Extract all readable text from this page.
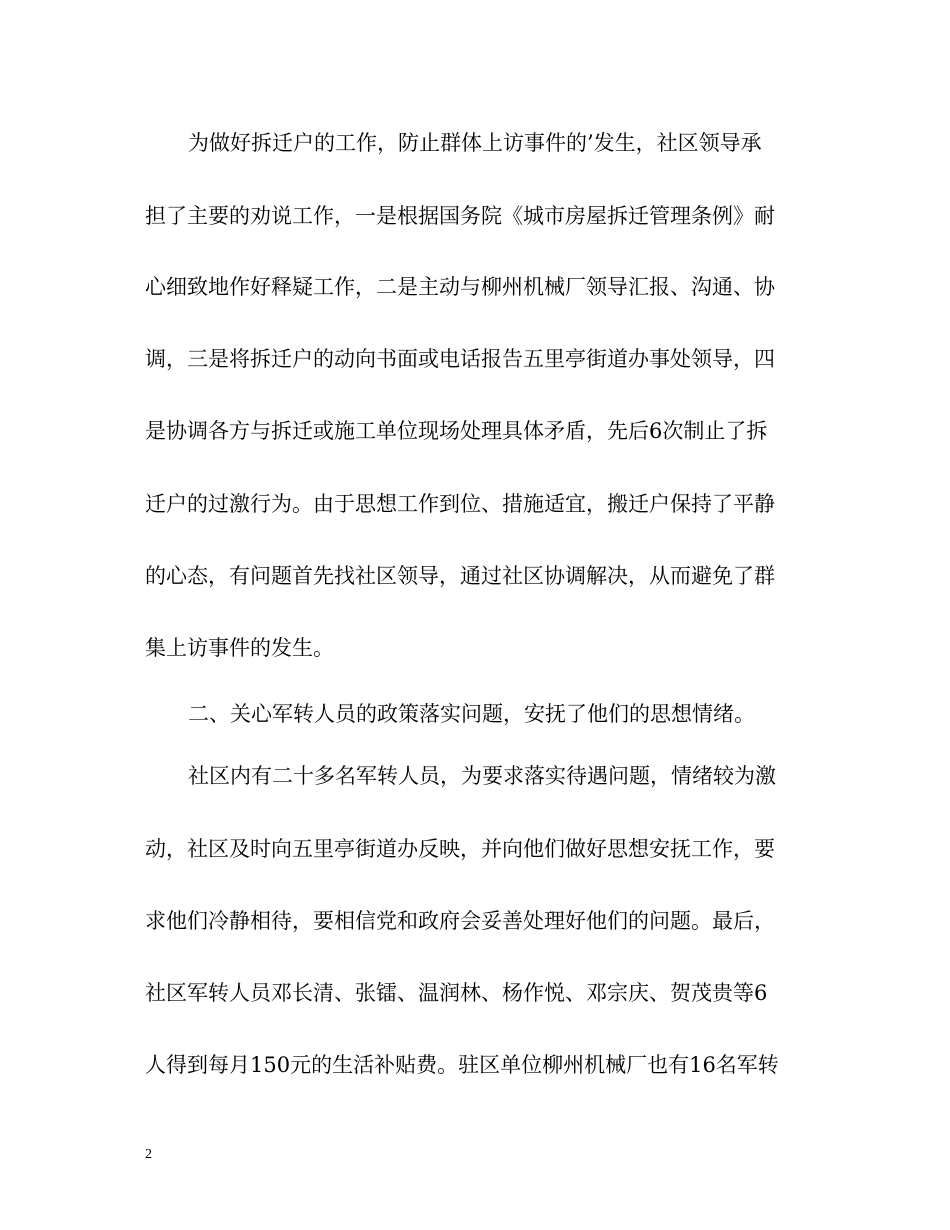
为做好拆迁户的工作，防止群体上访事件的’发生，社区领导承
担了主要的劝说工作，一是根据国务院《城市房屋拆迁管理条例》耐
心细致地作好释疑工作，二是主动与柳州机械厂领导汇报、沟通、协
调，三是将拆迁户的动向书面或电话报告五里亭街道办事处领导，四
是协调各方与拆迁或施工单位现场处理具体矛盾，先后6次制止了拆
迁户的过激行为。由于思想工作到位、措施适宜，搬迁户保持了平静
的心态，有问题首先找社区领导，通过社区协调解决，从而避免了群
集上访事件的发生。
二、关心军转人员的政策落实问题，安抚了他们的思想情绪。
社区内有二十多名军转人员，为要求落实待遇问题，情绪较为激
动，社区及时向五里亭街道办反映，并向他们做好思想安抚工作，要
求他们冷静相待，要相信党和政府会妥善处理好他们的问题。最后，
社区军转人员邓长清、张镭、温润林、杨作悦、邓宗庆、贺茂贵等6
人得到每月150元的生活补贴费。驻区单位柳州机械厂也有16名军转
2
